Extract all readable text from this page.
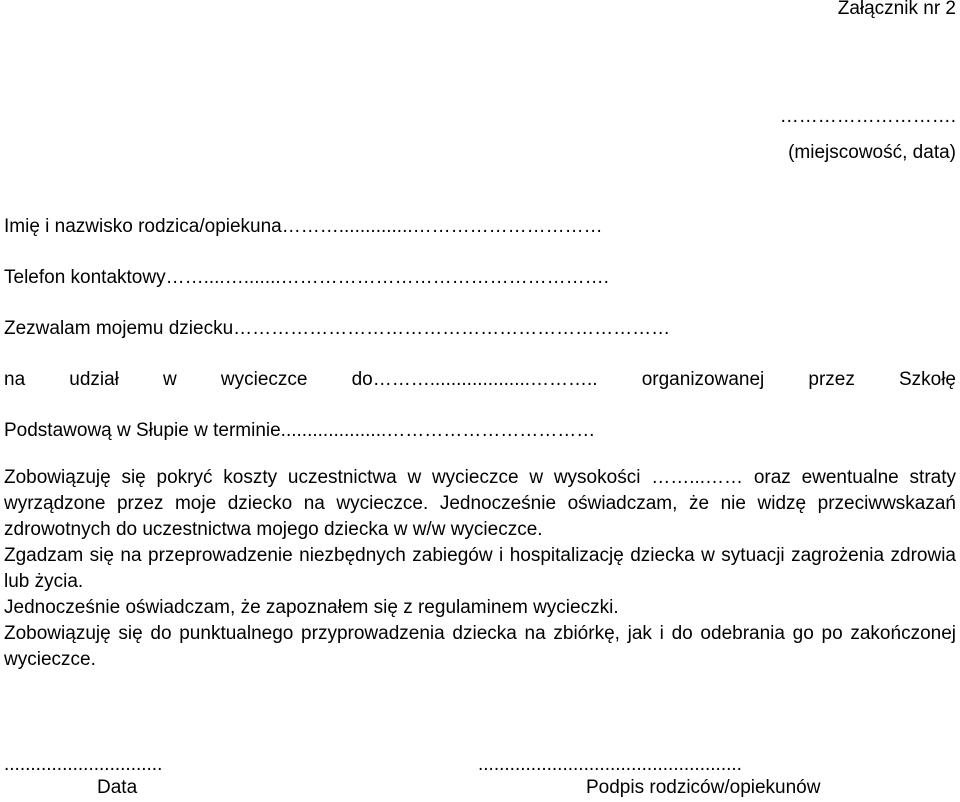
Załącznik nr 2
……………………….
(miejscowość, data)
Imię i nazwisko rodzica/opiekuna………..............…………………………
Telefon kontaktowy……....….......…………………………………………….
Zezwalam mojemu dziecku……………………………………………………………
na udział w wycieczce do………...................……….. organizowanej przez Szkołę
Podstawową w Słupie w terminie....................……………………………

Zobowiązuję się pokryć koszty uczestnictwa w wycieczce w wysokości ……...…… oraz ewentualne straty wyrządzone przez moje dziecko na wycieczce. Jednocześnie oświadczam, że nie widzę przeciwwskazań zdrowotnych do uczestnictwa mojego dziecka w w/w wycieczce.

Zgadzam się na przeprowadzenie niezbędnych zabiegów i hospitalizację dziecka w sytuacji zagrożenia zdrowia lub życia.

Jednocześnie oświadczam, że zapoznałem się z regulaminem wycieczki.

Zobowiązuję się do punktualnego przyprowadzenia dziecka na zbiórkę, jak i do odebrania go po zakończonej wycieczce.

..............................
Data
..................................................
Podpis rodziców/opiekunów
